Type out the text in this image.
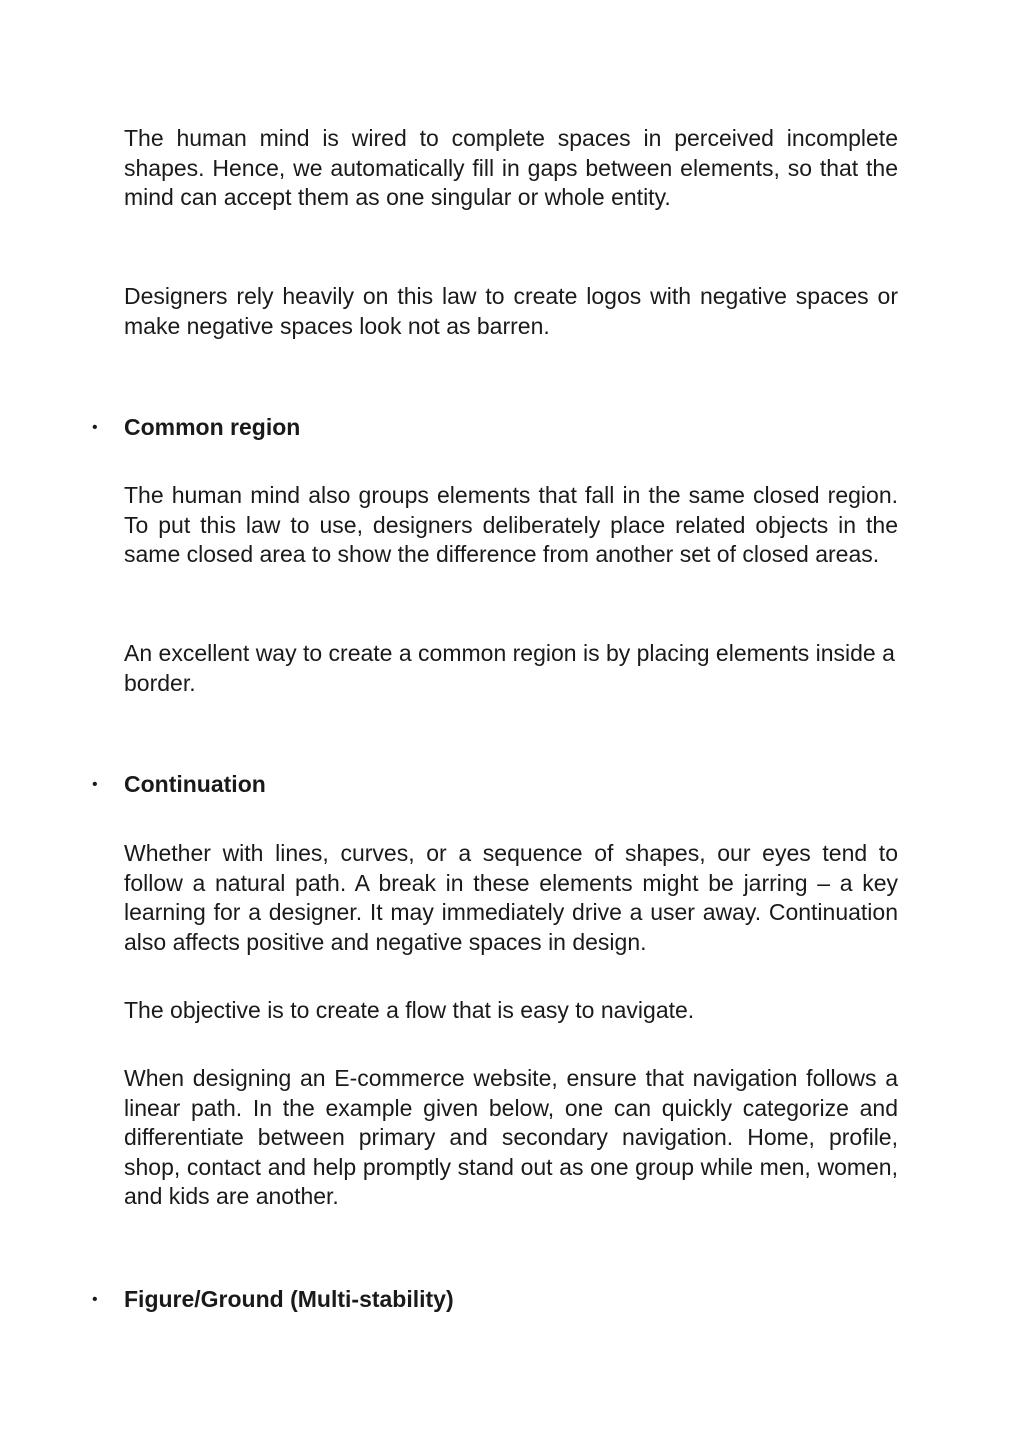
The human mind is wired to complete spaces in perceived incomplete shapes. Hence, we automatically fill in gaps between elements, so that the mind can accept them as one singular or whole entity.

Designers rely heavily on this law to create logos with negative spaces or make negative spaces look not as barren.

• Common region

The human mind also groups elements that fall in the same closed region. To put this law to use, designers deliberately place related objects in the same closed area to show the difference from another set of closed areas.

An excellent way to create a common region is by placing elements inside a border.

• Continuation

Whether with lines, curves, or a sequence of shapes, our eyes tend to follow a natural path. A break in these elements might be jarring – a key learning for a designer. It may immediately drive a user away. Continuation also affects positive and negative spaces in design.

The objective is to create a flow that is easy to navigate.

When designing an E-commerce website, ensure that navigation follows a linear path. In the example given below, one can quickly categorize and differentiate between primary and secondary navigation. Home, profile, shop, contact and help promptly stand out as one group while men, women, and kids are another.

• Figure/Ground (Multi-stability)
